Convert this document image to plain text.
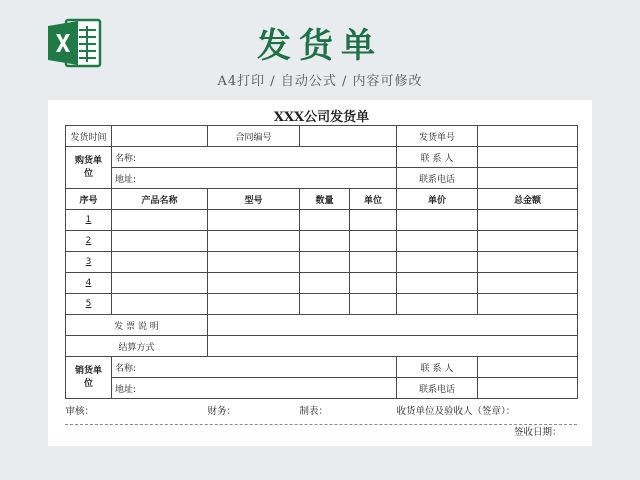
发货单
A4打印 / 自动公式 / 内容可修改
XXX公司发货单						
发货时间		合同编号			发货单号	
购货单位	名称:				联 系 人	
	地址:				联系电话	
序号	产品名称	型号	数量	单位	单价	总金额
1						
2						
3						
4						
5						
发 票 说 明						
结算方式						
销货单位	名称:				联 系 人	
	地址:				联系电话	
审核：		财务：	制表：		收货单位及验收人（签章）：	
签收日期：						
